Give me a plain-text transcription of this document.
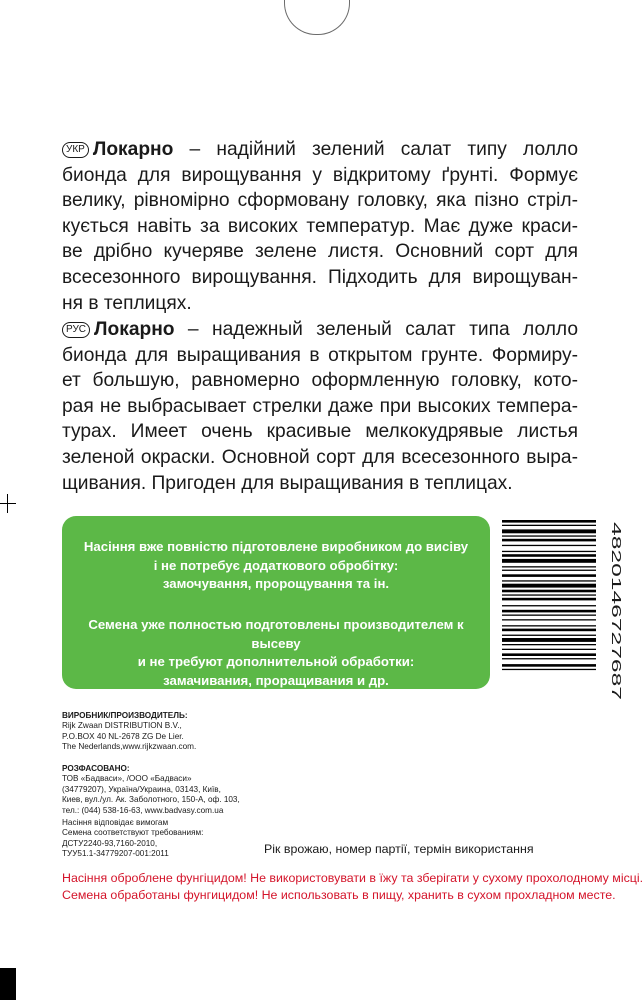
УКР Локарно – надійний зелений салат типу лолло
бионда для вирощування у відкритому ґрунті. Формує
велику, рівномірно сформовану головку, яка пізно стріл-
кується навіть за високих температур. Має дуже краси-
ве дрібно кучеряве зелене листя. Основний сорт для
всесезонного вирощування. Підходить для вирощуван-
ня в теплицях.
РУС Локарно – надежный зеленый салат типа лолло
бионда для выращивания в открытом грунте. Формиру-
ет большую, равномерно оформленную головку, кото-
рая не выбрасывает стрелки даже при высоких темпера-
турах. Имеет очень красивые мелкокудрявые листья
зеленой окраски. Основной сорт для всесезонного выра-
щивания. Пригоден для выращивания в теплицах.
Насіння вже повністю підготовлене виробником до висіву
і не потребує додаткового обробітку:
замочування, пророщування та ін.
Семена уже полностью подготовлены производителем к высеву
и не требуют дополнительной обработки:
замачивания, проращивания и др.
4820146727687
ВИРОБНИК/ПРОИЗВОДИТЕЛЬ:
Rijk Zwaan DISTRIBUTION B.V.,
P.O.BOX 40 NL-2678 ZG De Lier.
The Nederlands,www.rijkzwaan.com.
РОЗФАСОВАНО:
ТОВ «Бадваси», /ООО «Бадваси»
(34779207), Україна/Украина, 03143, Київ,
Киев, вул./ул. Ак. Заболотного, 150-А, оф. 103,
тел.: (044) 538-16-63, www.badvasy.com.ua
Насіння відповідає вимогам
Семена соответствуют требованиям:
ДСТУ2240-93,7160-2010,
ТУУ51.1-34779207-001:2011	Рік врожаю, номер партії, термін використання
Насіння оброблене фунгіцидом! Не використовувати в їжу та зберігати у сухому прохолодному місці.
Семена обработаны фунгицидом! Не использовать в пищу, хранить в сухом прохладном месте.
